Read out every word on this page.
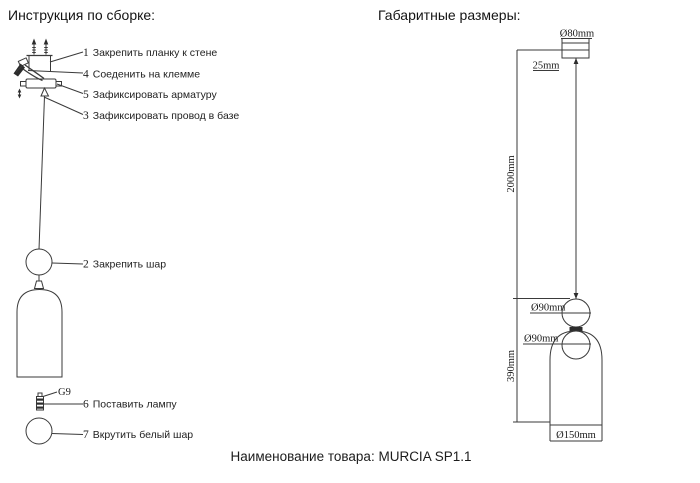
Инструкция по сборке:	Габаритные размеры:
1 Закрепить планку к стене
4 Соеденить на клемме
5 Зафиксировать арматуру
3 Зафиксировать провод в базе
2 Закрепить шар
6 Поставить лампу
7 Вкрутить белый шар
G9
Ø80mm
25mm
2000mm
390mm
Ø90mm
Ø90mm
Ø150mm
Наименование товара: MURCIA SP1.1
